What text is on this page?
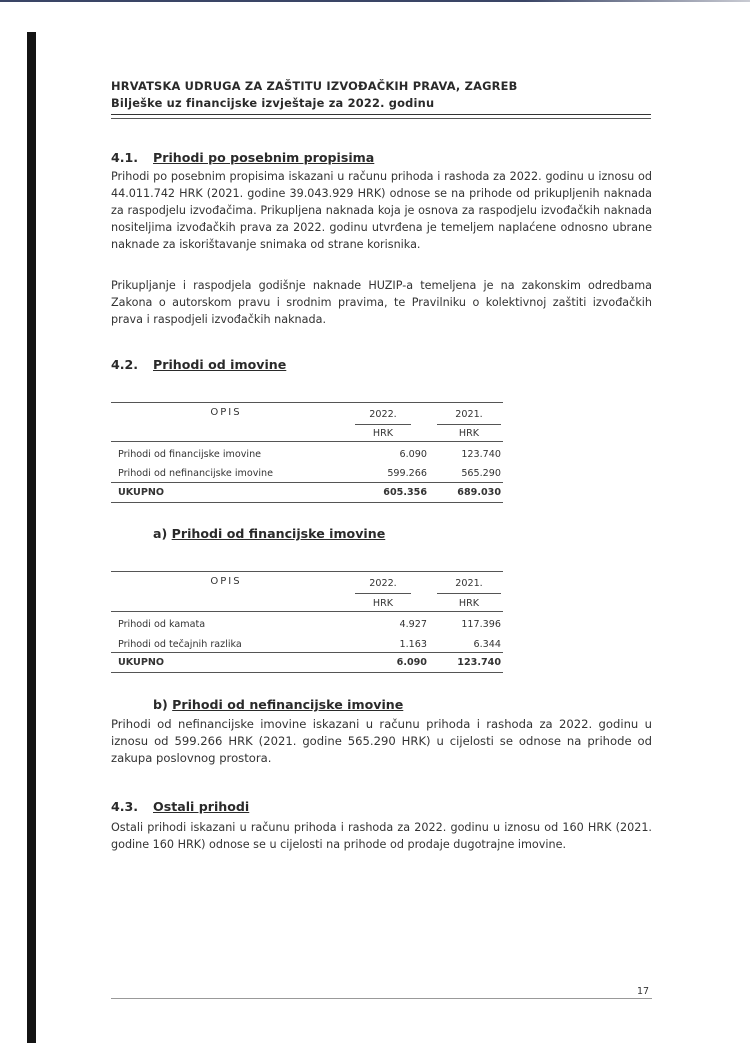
HRVATSKA UDRUGA ZA ZAŠTITU IZVOĐAČKIH PRAVA, ZAGREB
Bilješke uz financijske izvještaje za 2022. godinu
4.1. Prihodi po posebnim propisima
Prihodi po posebnim propisima iskazani u računu prihoda i rashoda za 2022. godinu u iznosu od 44.011.742 HRK (2021. godine 39.043.929 HRK) odnose se na prihode od prikupljenih naknada za raspodjelu izvođačima. Prikupljena naknada koja je osnova za raspodjelu izvođačkih naknada nositeljima izvođačkih prava za 2022. godinu utvrđena je temeljem naplaćene odnosno ubrane naknade za iskorištavanje snimaka od strane korisnika.
Prikupljanje i raspodjela godišnje naknade HUZIP-a temeljena je na zakonskim odredbama Zakona o autorskom pravu i srodnim pravima, te Pravilniku o kolektivnoj zaštiti izvođačkih prava i raspodjeli izvođačkih naknada.
4.2. Prihodi od imovine
OPIS	2022.	2021.
HRK	HRK
Prihodi od financijske imovine	6.090	123.740
Prihodi od nefinancijske imovine	599.266	565.290
UKUPNO	605.356	689.030
a) Prihodi od financijske imovine
OPIS	2022.	2021.
HRK	HRK
Prihodi od kamata	4.927	117.396
Prihodi od tečajnih razlika	1.163	6.344
UKUPNO	6.090	123.740
b) Prihodi od nefinancijske imovine
Prihodi od nefinancijske imovine iskazani u računu prihoda i rashoda za 2022. godinu u iznosu od 599.266 HRK (2021. godine 565.290 HRK) u cijelosti se odnose na prihode od zakupa poslovnog prostora.
4.3. Ostali prihodi
Ostali prihodi iskazani u računu prihoda i rashoda za 2022. godinu u iznosu od 160 HRK (2021. godine 160 HRK) odnose se u cijelosti na prihode od prodaje dugotrajne imovine.
17
